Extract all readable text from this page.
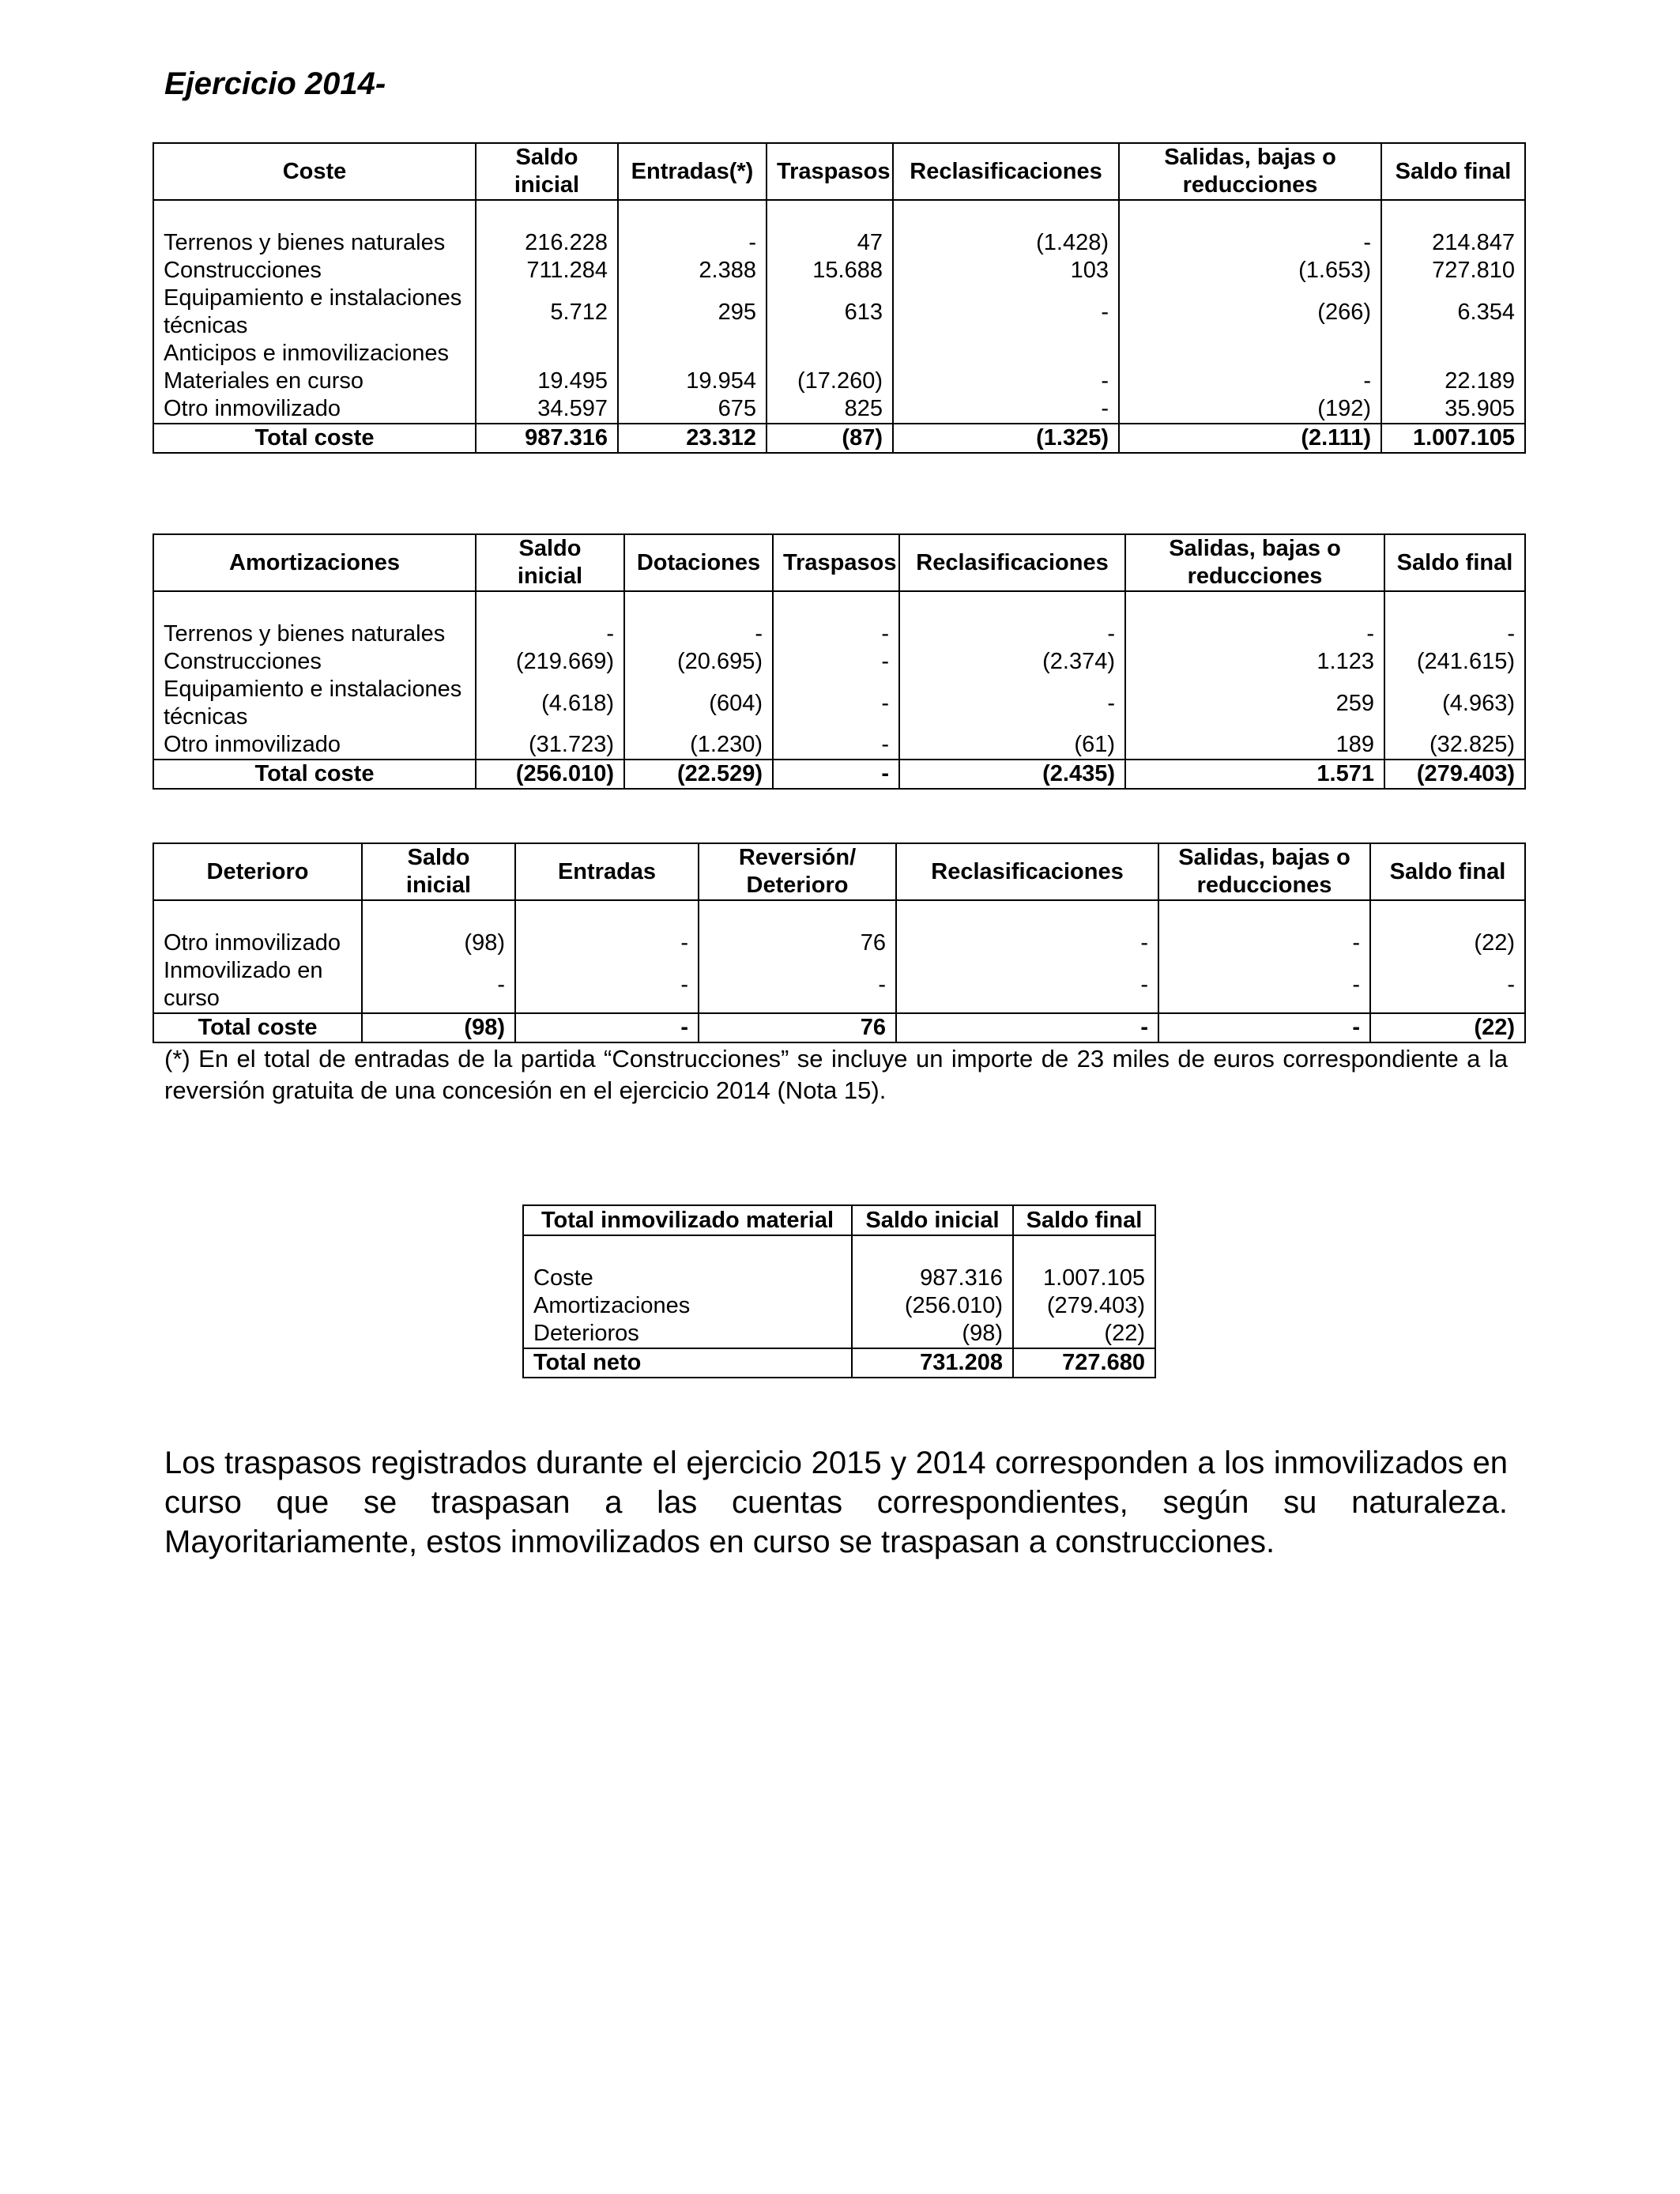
Ejercicio 2014-
Coste	Saldo inicial	Entradas(*)	Traspasos	Reclasificaciones	Salidas, bajas o reducciones	Saldo final

Terrenos y bienes naturales	216.228	-	47	(1.428)	-	214.847
Construcciones	711.284	2.388	15.688	103	(1.653)	727.810
Equipamiento e instalaciones técnicas	5.712	295	613	-	(266)	6.354
Anticipos e inmovilizaciones						
Materiales en curso	19.495	19.954	(17.260)	-	-	22.189
Otro inmovilizado	34.597	675	825	-	(192)	35.905
Total coste	987.316	23.312	(87)	(1.325)	(2.111)	1.007.105
Amortizaciones	Saldo inicial	Dotaciones	Traspasos	Reclasificaciones	Salidas, bajas o reducciones	Saldo final

Terrenos y bienes naturales	-	-	-	-	-	-
Construcciones	(219.669)	(20.695)	-	(2.374)	1.123	(241.615)
Equipamiento e instalaciones técnicas	(4.618)	(604)	-	-	259	(4.963)
Otro inmovilizado	(31.723)	(1.230)	-	(61)	189	(32.825)
Total coste	(256.010)	(22.529)	-	(2.435)	1.571	(279.403)
Deterioro	Saldo inicial	Entradas	Reversión/ Deterioro	Reclasificaciones	Salidas, bajas o reducciones	Saldo final

Otro inmovilizado	(98)	-	76	-	-	(22)
Inmovilizado en curso	-	-	-	-	-	-
Total coste	(98)	-	76	-	-	(22)
(*) En el total de entradas de la partida “Construcciones” se incluye un importe de 23 miles de euros correspondiente a la reversión gratuita de una concesión en el ejercicio 2014 (Nota 15).
Total inmovilizado material	Saldo inicial	Saldo final

Coste	987.316	1.007.105
Amortizaciones	(256.010)	(279.403)
Deterioros	(98)	(22)
Total neto	731.208	727.680
Los traspasos registrados durante el ejercicio 2015 y 2014 corresponden a los inmovilizados en curso que se traspasan a las cuentas correspondientes, según su naturaleza. Mayoritariamente, estos inmovilizados en curso se traspasan a construcciones.
